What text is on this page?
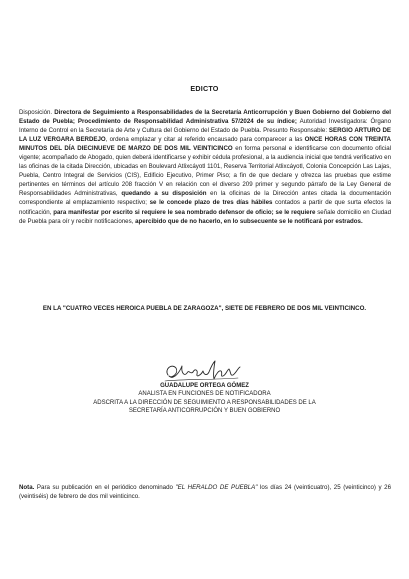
EDICTO
Disposición. Directora de Seguimiento a Responsabilidades de la Secretaría Anticorrupción y Buen Gobierno del Gobierno del Estado de Puebla; Procedimiento de Responsabilidad Administrativa 57/2024 de su índice; Autoridad Investigadora: Órgano Interno de Control en la Secretaría de Arte y Cultura del Gobierno del Estado de Puebla. Presunto Responsable: SERGIO ARTURO DE LA LUZ VERGARA BERDEJO, ordena emplazar y citar al referido encausado para comparecer a las ONCE HORAS CON TREINTA MINUTOS DEL DÍA DIECINUEVE DE MARZO DE DOS MIL VEINTICINCO en forma personal e identificarse con documento oficial vigente; acompañado de Abogado, quien deberá identificarse y exhibir cédula profesional, a la audiencia inicial que tendrá verificativo en las oficinas de la citada Dirección, ubicadas en Boulevard Atlixcáyotl 1101, Reserva Territorial Atlixcáyotl, Colonia Concepción Las Lajas, Puebla, Centro Integral de Servicios (CIS), Edificio Ejecutivo, Primer Piso; a fin de que declare y ofrezca las pruebas que estime pertinentes en términos del artículo 208 fracción V en relación con el diverso 209 primer y segundo párrafo de la Ley General de Responsabilidades Administrativas, quedando a su disposición en la oficinas de la Dirección antes citada la documentación correspondiente al emplazamiento respectivo; se le concede plazo de tres días hábiles contados a partir de que surta efectos la notificación, para manifestar por escrito si requiere le sea nombrado defensor de oficio; se le requiere señale domicilio en Ciudad de Puebla para oír y recibir notificaciones, apercibido que de no hacerlo, en lo subsecuente se le notificará por estrados.
EN LA "CUATRO VECES HEROICA PUEBLA DE ZARAGOZA", SIETE DE FEBRERO DE DOS MIL VEINTICINCO.
GUADALUPE ORTEGA GÓMEZ
ANALISTA EN FUNCIONES DE NOTIFICADORA
ADSCRITA A LA DIRECCIÓN DE SEGUIMIENTO A RESPONSABILIDADES DE LA
SECRETARÍA ANTICORRUPCIÓN Y BUEN GOBIERNO
Nota. Para su publicación en el periódico denominado "EL HERALDO DE PUEBLA" los días 24 (veinticuatro), 25 (veinticinco) y 26 (veintiséis) de febrero de dos mil veinticinco.
